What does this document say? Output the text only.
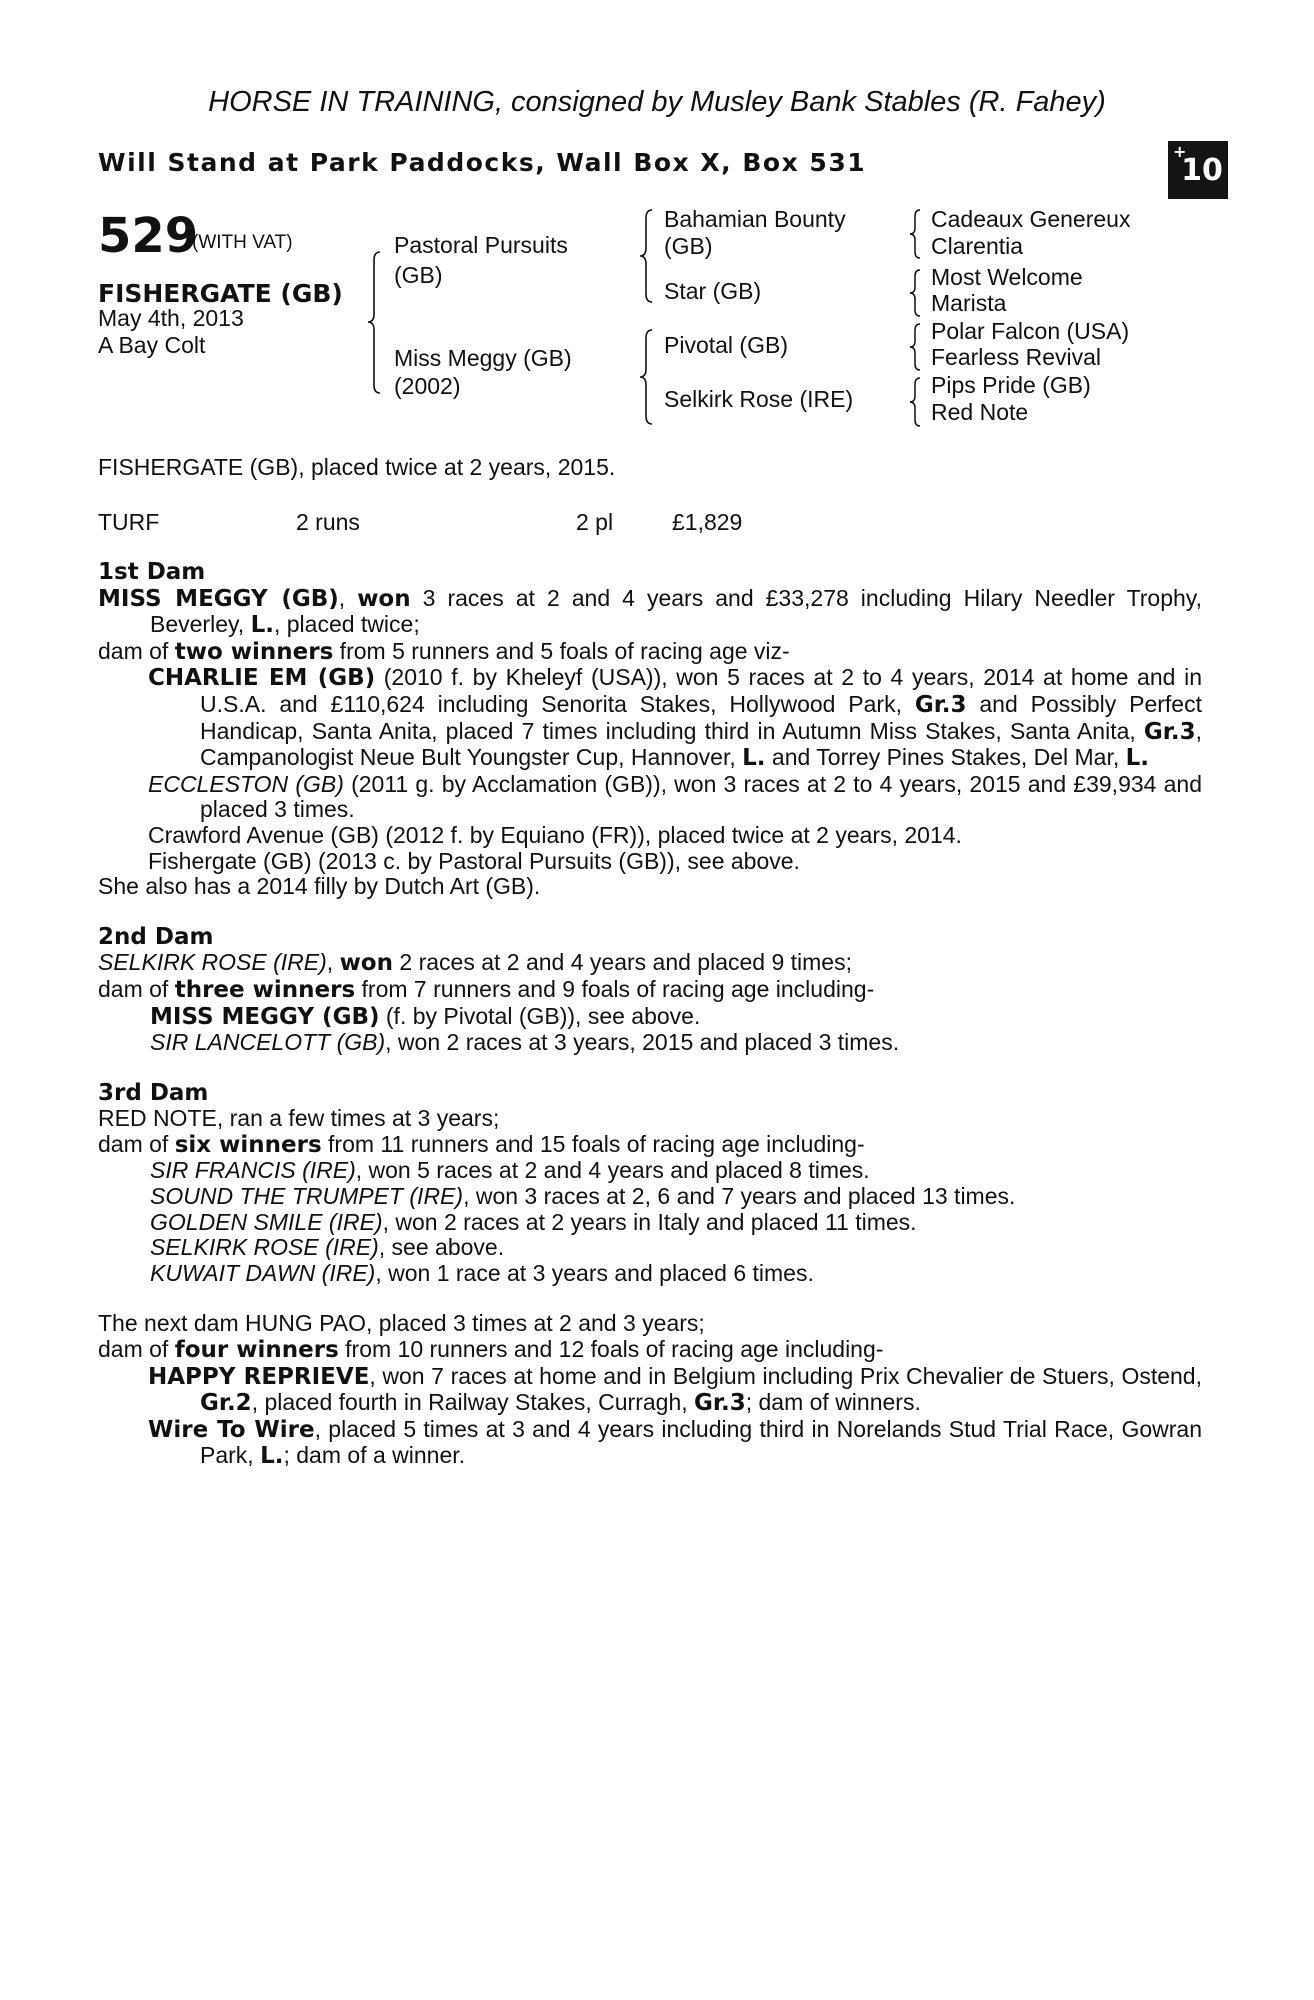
HORSE IN TRAINING, consigned by Musley Bank Stables (R. Fahey)
Will Stand at Park Paddocks, Wall Box X, Box 531	+
10
529
(WITH VAT)
FISHERGATE (GB)
May 4th, 2013
A Bay Colt
Pastoral Pursuits
(GB)
Miss Meggy (GB)
(2002)
Bahamian Bounty
(GB)
Star (GB)
Pivotal (GB)
Selkirk Rose (IRE)
Cadeaux Genereux
Clarentia
Most Welcome
Marista
Polar Falcon (USA)
Fearless Revival
Pips Pride (GB)
Red Note
FISHERGATE (GB), placed twice at 2 years, 2015.
TURF	2 runs	2 pl	£1,829
1st Dam

MISS MEGGY (GB), won 3 races at 2 and 4 years and £33,278 including Hilary Needler Trophy, Beverley, L., placed twice;

dam of two winners from 5 runners and 5 foals of racing age viz-

CHARLIE EM (GB) (2010 f. by Kheleyf (USA)), won 5 races at 2 to 4 years, 2014 at home and in U.S.A. and £110,624 including Senorita Stakes, Hollywood Park, Gr.3 and Possibly Perfect Handicap, Santa Anita, placed 7 times including third in Autumn Miss Stakes, Santa Anita, Gr.3, Campanologist Neue Bult Youngster Cup, Hannover, L. and Torrey Pines Stakes, Del Mar, L.

ECCLESTON (GB) (2011 g. by Acclamation (GB)), won 3 races at 2 to 4 years, 2015 and £39,934 and placed 3 times.

Crawford Avenue (GB) (2012 f. by Equiano (FR)), placed twice at 2 years, 2014.

Fishergate (GB) (2013 c. by Pastoral Pursuits (GB)), see above.

She also has a 2014 filly by Dutch Art (GB).

2nd Dam

SELKIRK ROSE (IRE), won 2 races at 2 and 4 years and placed 9 times;

dam of three winners from 7 runners and 9 foals of racing age including-

MISS MEGGY (GB) (f. by Pivotal (GB)), see above.

SIR LANCELOTT (GB), won 2 races at 3 years, 2015 and placed 3 times.

3rd Dam

RED NOTE, ran a few times at 3 years;

dam of six winners from 11 runners and 15 foals of racing age including-

SIR FRANCIS (IRE), won 5 races at 2 and 4 years and placed 8 times.

SOUND THE TRUMPET (IRE), won 3 races at 2, 6 and 7 years and placed 13 times.

GOLDEN SMILE (IRE), won 2 races at 2 years in Italy and placed 11 times.

SELKIRK ROSE (IRE), see above.

KUWAIT DAWN (IRE), won 1 race at 3 years and placed 6 times.

The next dam HUNG PAO, placed 3 times at 2 and 3 years;

dam of four winners from 10 runners and 12 foals of racing age including-

HAPPY REPRIEVE, won 7 races at home and in Belgium including Prix Chevalier de Stuers, Ostend, Gr.2, placed fourth in Railway Stakes, Curragh, Gr.3; dam of winners.

Wire To Wire, placed 5 times at 3 and 4 years including third in Norelands Stud Trial Race, Gowran Park, L.; dam of a winner.
